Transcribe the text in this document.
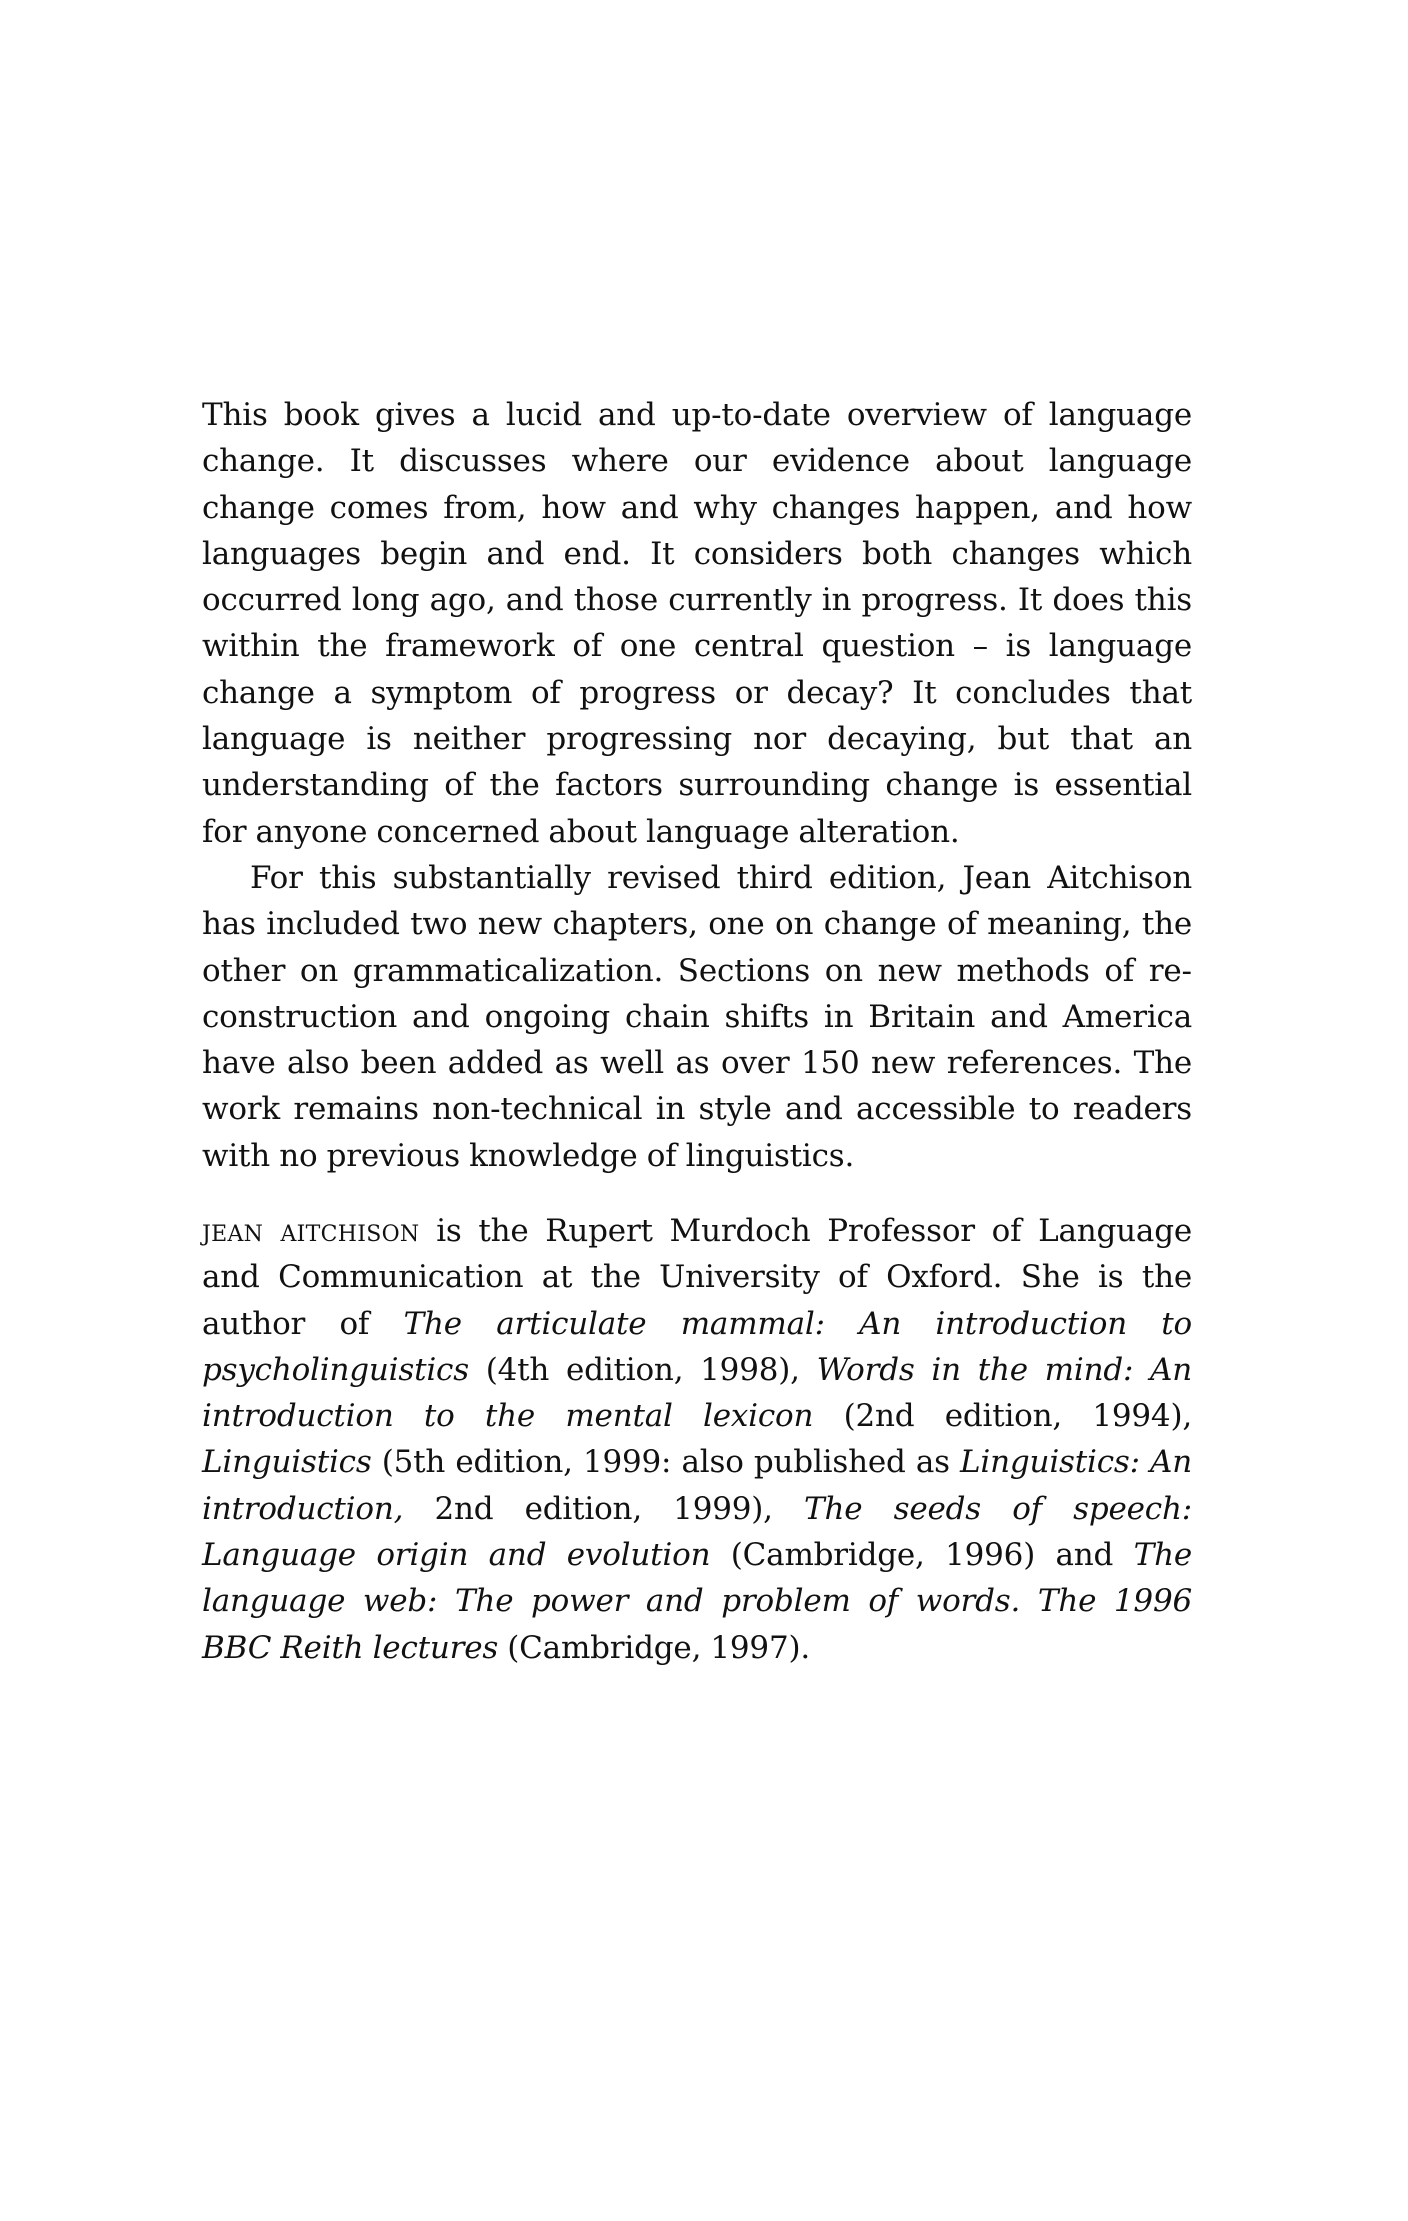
This book gives a lucid and up-to-date overview of language change. It discusses where our evidence about language change comes from, how and why changes happen, and how languages begin and end. It considers both changes which occurred long ago, and those currently in progress. It does this within the framework of one central question – is language change a symptom of progress or decay? It concludes that language is neither progressing nor decaying, but that an understanding of the factors surrounding change is essential for anyone concerned about language alteration.

For this substantially revised third edition, Jean Aitchison has included two new chapters, one on change of meaning, the other on grammaticalization. Sections on new methods of reconstruction and ongoing chain shifts in Britain and America have also been added as well as over 150 new references. The work remains non-technical in style and accessible to readers with no previous knowledge of linguistics.

jean aitchison is the Rupert Murdoch Professor of Language and Communication at the University of Oxford. She is the author of The articulate mammal: An introduction to psycholinguistics (4th edition, 1998), Words in the mind: An introduction to the mental lexicon (2nd edition, 1994), Linguistics (5th edition, 1999: also published as Linguistics: An introduction, 2nd edition, 1999), The seeds of speech: Language origin and evolution (Cambridge, 1996) and The language web: The power and problem of words. The 1996 BBC Reith lectures (Cambridge, 1997).
